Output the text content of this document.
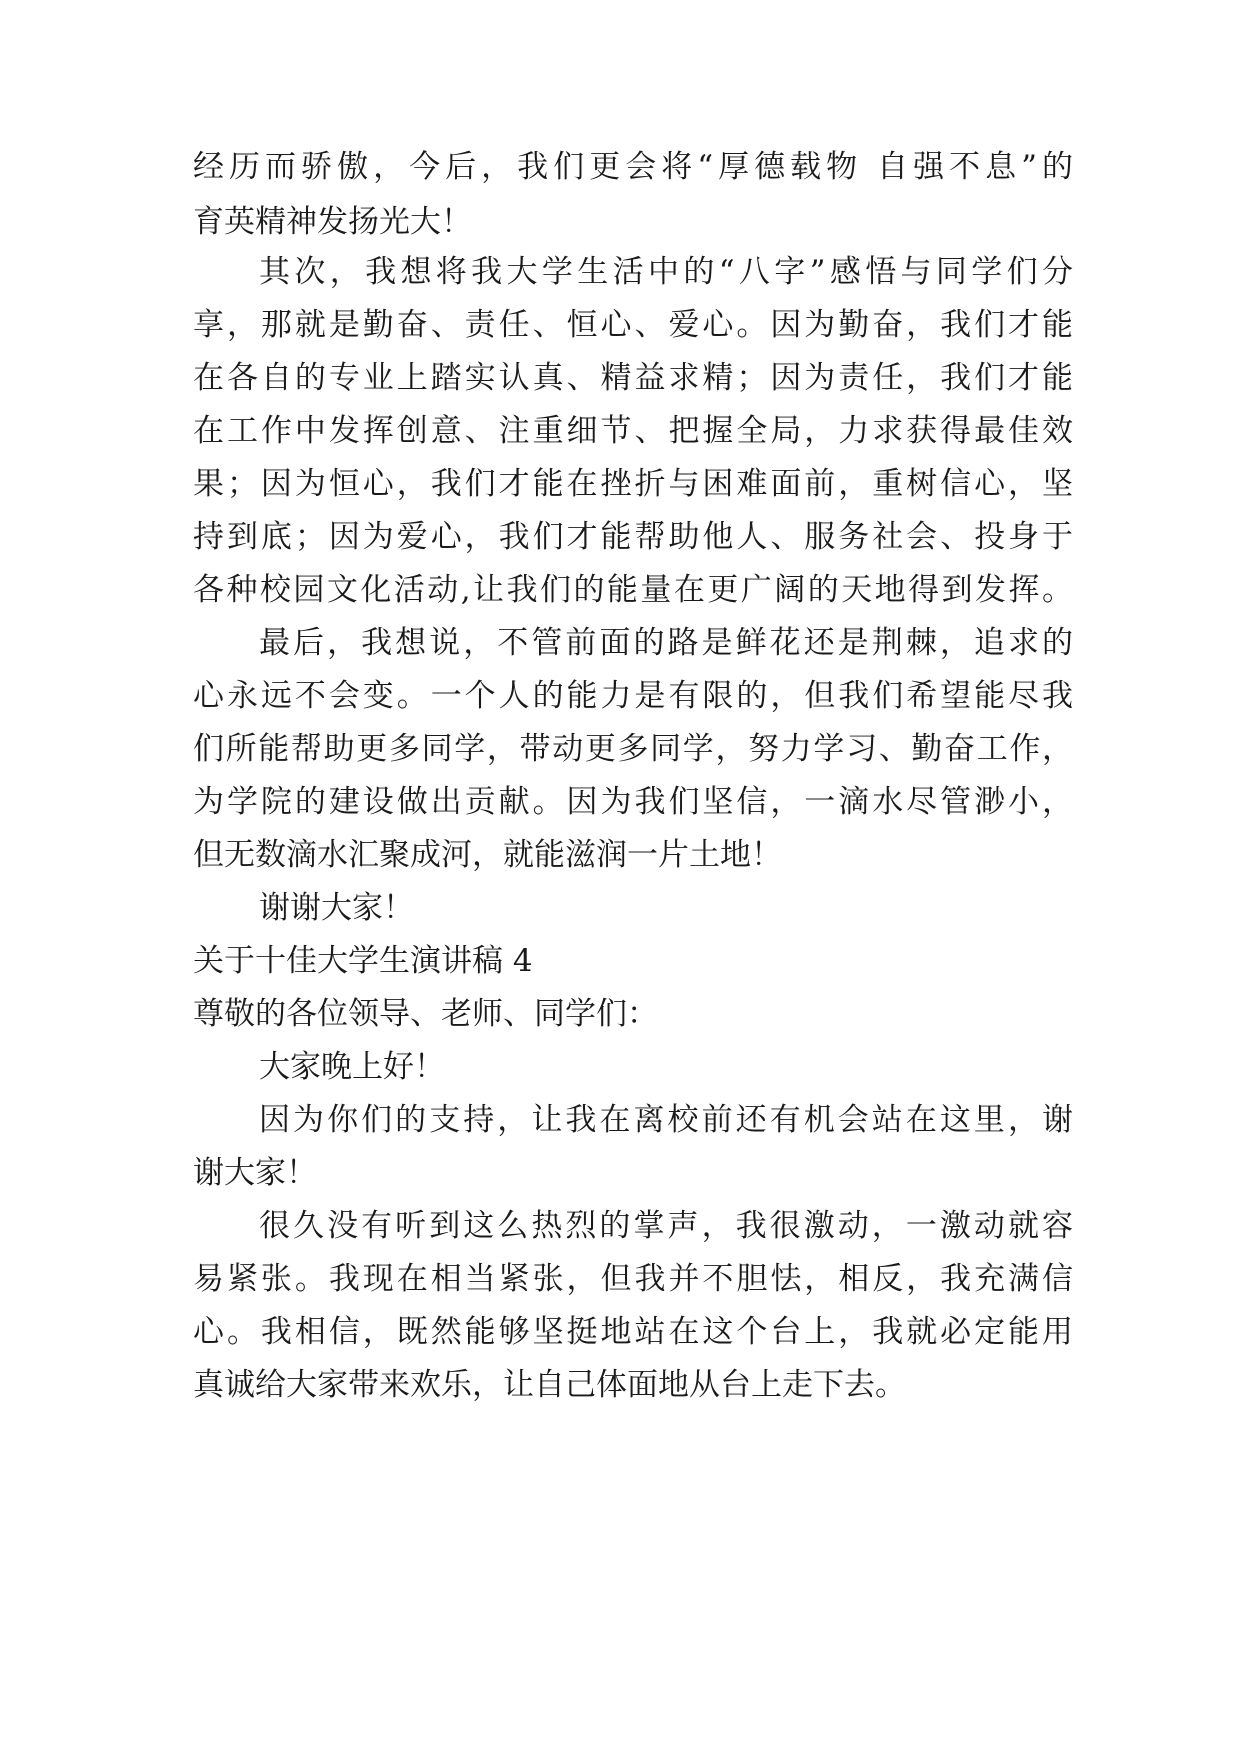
经历而骄傲，今后，我们更会将“厚德载物 自强不息”的
育英精神发扬光大！
其次，我想将我大学生活中的“八字”感悟与同学们分
享，那就是勤奋、责任、恒心、爱心。因为勤奋，我们才能
在各自的专业上踏实认真、精益求精；因为责任，我们才能
在工作中发挥创意、注重细节、把握全局，力求获得最佳效
果；因为恒心，我们才能在挫折与困难面前，重树信心，坚
持到底；因为爱心，我们才能帮助他人、服务社会、投身于
各种校园文化活动,让我们的能量在更广阔的天地得到发挥。
最后，我想说，不管前面的路是鲜花还是荆棘，追求的
心永远不会变。一个人的能力是有限的，但我们希望能尽我
们所能帮助更多同学，带动更多同学，努力学习、勤奋工作，
为学院的建设做出贡献。因为我们坚信，一滴水尽管渺小，
但无数滴水汇聚成河，就能滋润一片土地！
谢谢大家！
关于十佳大学生演讲稿 4
尊敬的各位领导、老师、同学们：
大家晚上好！
因为你们的支持，让我在离校前还有机会站在这里，谢
谢大家！
很久没有听到这么热烈的掌声，我很激动，一激动就容
易紧张。我现在相当紧张，但我并不胆怯，相反，我充满信
心。我相信，既然能够坚挺地站在这个台上，我就必定能用
真诚给大家带来欢乐，让自己体面地从台上走下去。
